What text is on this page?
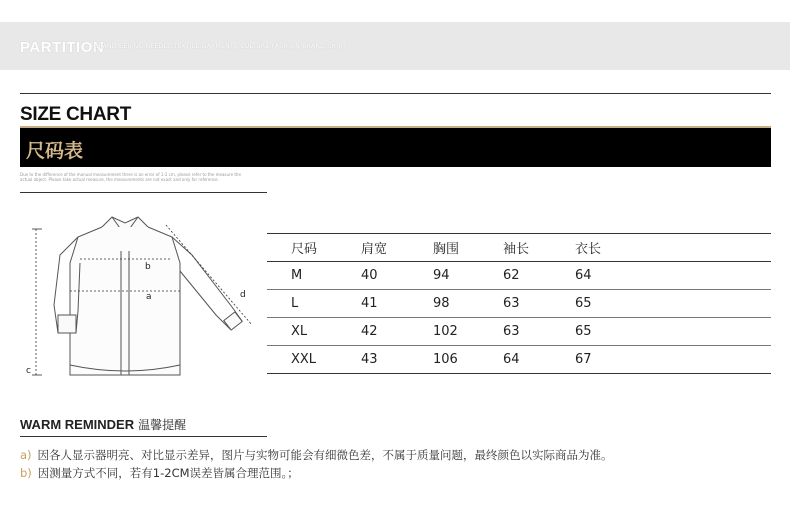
PARTITION
BRAND BEIJING NEEDLE TEXTILE GARMENTS CULTURE FASHION BRAND SHIRT
SIZE CHART
尺码表
Due to the difference of the manual measurement there is an error of 1-2 cm, please refer to the measure the actual object. Please take actual measure, the measurements are not exact and only for reference.
b
a
c
d
尺码	肩宽	胸围	袖长	衣长
M	40	94	62	64
L	41	98	63	65
XL	42	102	63	65
XXL	43	106	64	67
WARM REMINDER 温馨提醒
a) 因各人显示器明亮、对比显示差异，图片与实物可能会有细微色差，不属于质量问题，最终颜色以实际商品为准。
b) 因测量方式不同，若有1-2CM误差皆属合理范围。；
